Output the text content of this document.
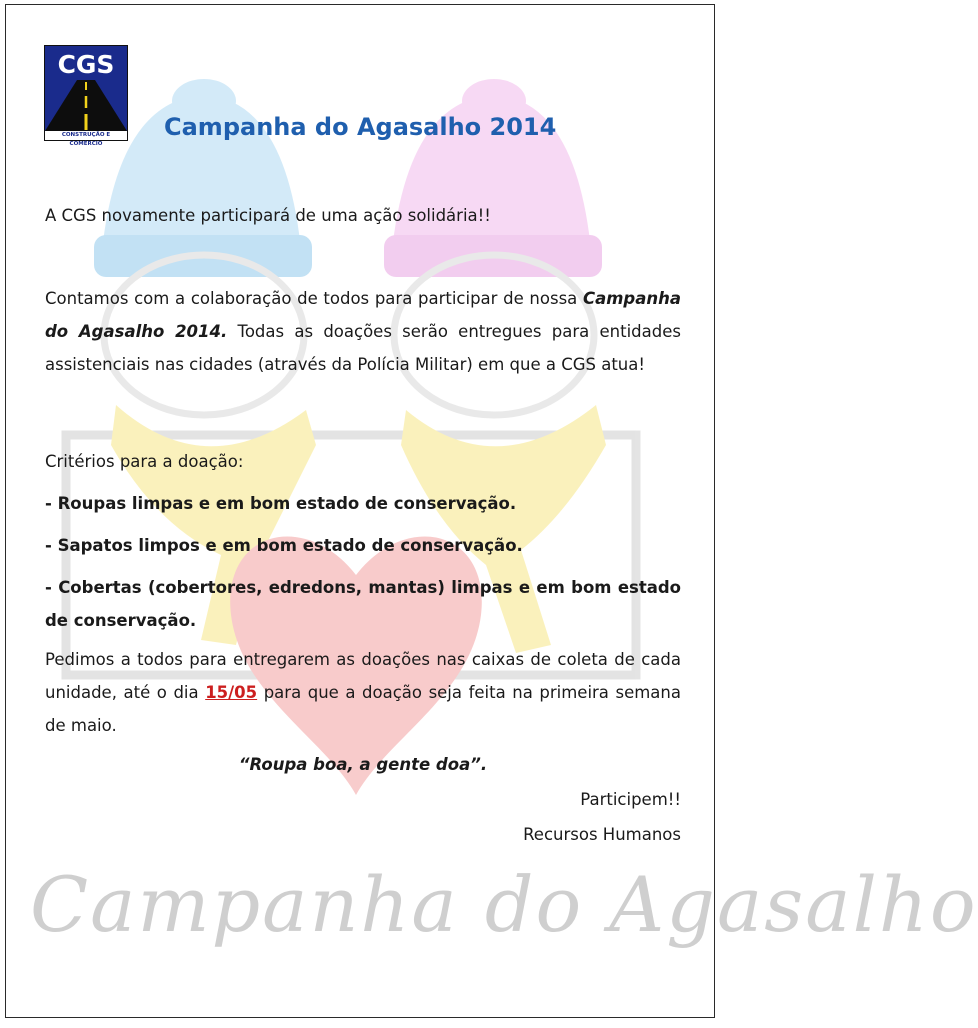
Campanha do Agasalho
CGS
CONSTRUÇÃO E COMÉRCIO
Campanha do Agasalho 2014

A CGS novamente participará de uma ação solidária!!

Contamos com a colaboração de todos para participar de nossa Campanha do Agasalho 2014. Todas as doações serão entregues para entidades assistenciais nas cidades (através da Polícia Militar) em que a CGS atua!

Critérios para a doação:

- Roupas limpas e em bom estado de conservação.

- Sapatos limpos e em bom estado de conservação.

- Cobertas (cobertores, edredons, mantas) limpas e em bom estado de conservação.

Pedimos a todos para entregarem as doações nas caixas de coleta de cada unidade, até o dia 15/05 para que a doação seja feita na primeira semana de maio.

“Roupa boa, a gente doa”.

Participem!!

Recursos Humanos
